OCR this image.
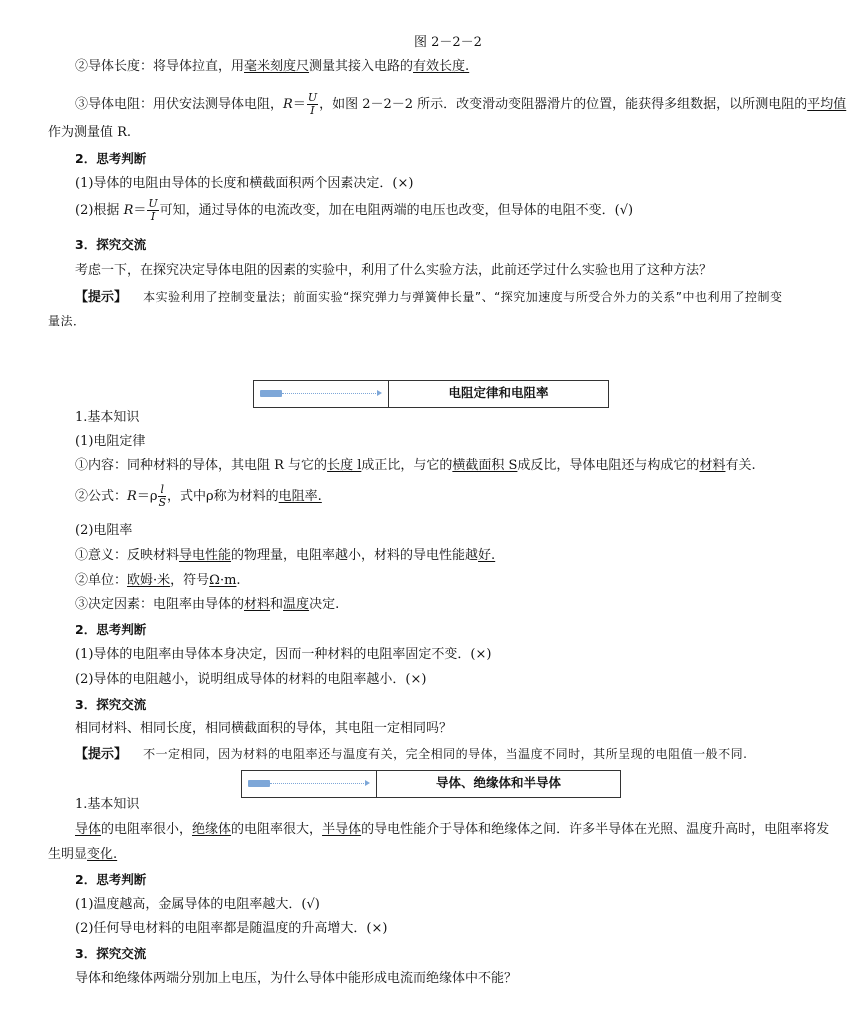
图 2－2－2
②导体长度：将导体拉直，用毫米刻度尺测量其接入电路的有效长度.
③导体电阻：用伏安法测导体电阻，$R= \frac{U}{I}$ ，如图 2－2－2 所示．改变滑动变阻器滑片的位置，能获得多组数据，以所测电阻的平均值
作为测量值 R.
2．思考判断
(1)导体的电阻由导体的长度和横截面积两个因素决定．(×)
(2)根据 $R= \frac{U}{I}$ 可知，通过导体的电流改变，加在电阻两端的电压也改变，但导体的电阻不变．(√)
3．探究交流
考虑一下，在探究决定导体电阻的因素的实验中，利用了什么实验方法，此前还学过什么实验也用了这种方法？
【提示】 本实验利用了控制变量法；前面实验“探究弹力与弹簧伸长量”、“探究加速度与所受合外力的关系”中也利用了控制变
量法．
电阻定律和电阻率
1.基本知识
(1)电阻定律
①内容：同种材料的导体，其电阻 R 与它的长度 l成正比，与它的横截面积 S成反比，导体电阻还与构成它的材料有关.
②公式：$R=\rho \frac{l}{S}$ ，式中ρ称为材料的电阻率.
(2)电阻率
①意义：反映材料导电性能的物理量，电阻率越小，材料的导电性能越好.
②单位：欧姆·米，符号Ω·m.
③决定因素：电阻率由导体的材料和温度决定.
2．思考判断
(1)导体的电阻率由导体本身决定，因而一种材料的电阻率固定不变．(×)
(2)导体的电阻越小，说明组成导体的材料的电阻率越小．(×)
3．探究交流
相同材料、相同长度，相同横截面积的导体，其电阻一定相同吗？
【提示】 不一定相同，因为材料的电阻率还与温度有关，完全相同的导体，当温度不同时，其所呈现的电阻值一般不同.
导体、绝缘体和半导体
1.基本知识
导体的电阻率很小，绝缘体的电阻率很大，半导体的导电性能介于导体和绝缘体之间．许多半导体在光照、温度升高时，电阻率将发
生明显变化.
2．思考判断
(1)温度越高，金属导体的电阻率越大．(√)
(2)任何导电材料的电阻率都是随温度的升高增大．(×)
3．探究交流
导体和绝缘体两端分别加上电压，为什么导体中能形成电流而绝缘体中不能？
